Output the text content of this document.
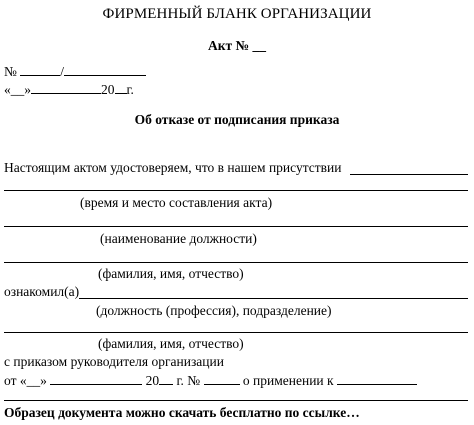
ФИРМЕННЫЙ БЛАНК ОРГАНИЗАЦИИ
Акт № __
№	/
«__»	20 г.
Об отказе от подписания приказа
Настоящим актом удостоверяем, что в нашем присутствии
(время и место составления акта)
(наименование должности)
(фамилия, имя, отчество)
ознакомил(а)
(должность (профессия), подразделение)
(фамилия, имя, отчество)
с приказом руководителя организации
от «__»	20 г. №	о применении к
Образец документа можно скачать бесплатно по ссылке…
